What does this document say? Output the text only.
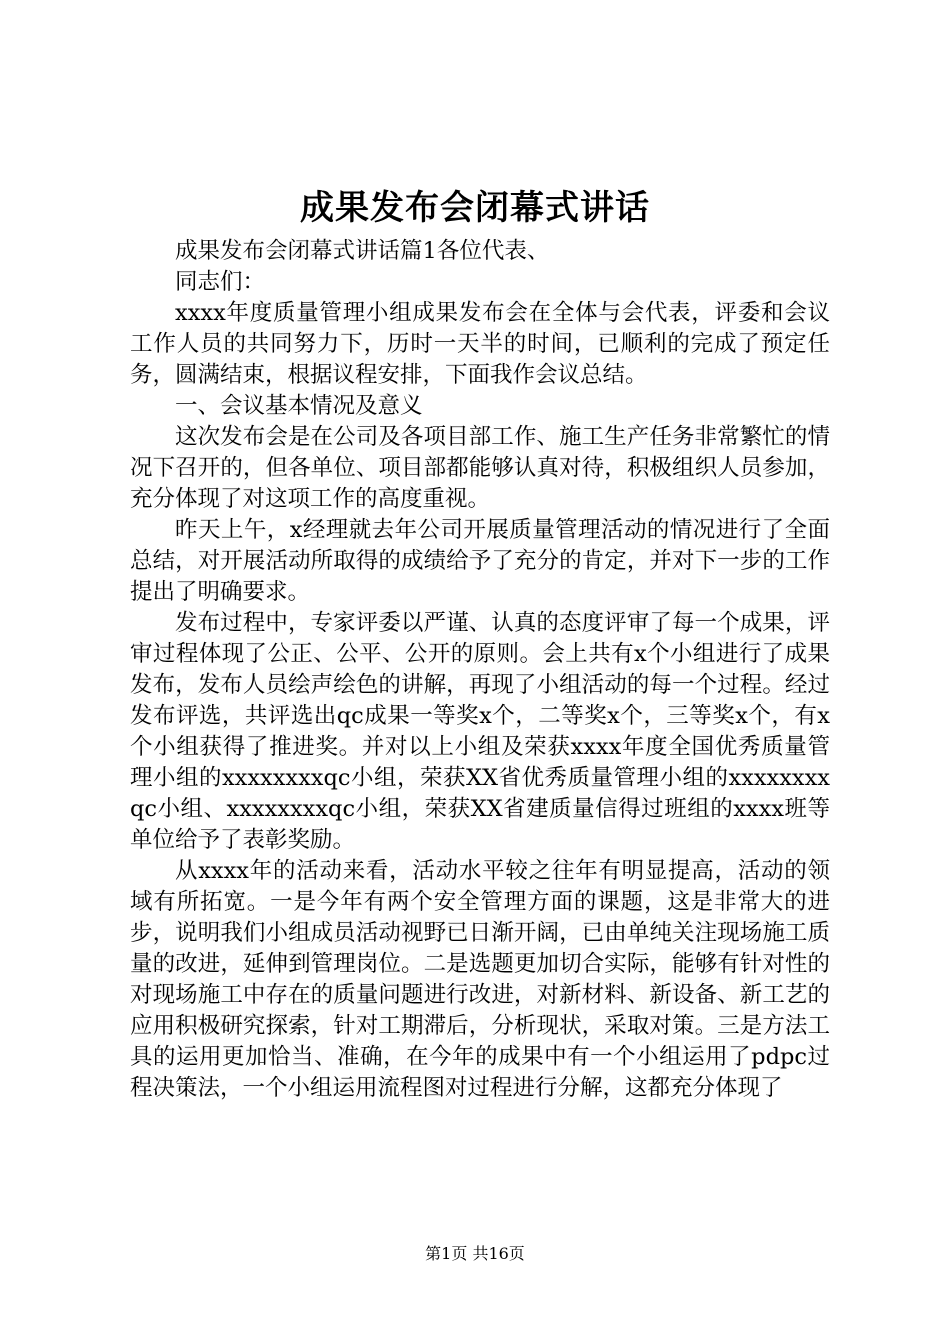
成果发布会闭幕式讲话

成果发布会闭幕式讲话篇1各位代表、

同志们：

xxxx年度质量管理小组成果发布会在全体与会代表，评委和会议工作人员的共同努力下，历时一天半的时间，已顺利的完成了预定任务，圆满结束，根据议程安排，下面我作会议总结。

一、会议基本情况及意义

这次发布会是在公司及各项目部工作、施工生产任务非常繁忙的情况下召开的，但各单位、项目部都能够认真对待，积极组织人员参加，充分体现了对这项工作的高度重视。

昨天上午，x经理就去年公司开展质量管理活动的情况进行了全面总结，对开展活动所取得的成绩给予了充分的肯定，并对下一步的工作提出了明确要求。

发布过程中，专家评委以严谨、认真的态度评审了每一个成果，评审过程体现了公正、公平、公开的原则。会上共有x个小组进行了成果发布，发布人员绘声绘色的讲解，再现了小组活动的每一个过程。经过发布评选，共评选出qc成果一等奖x个，二等奖x个，三等奖x个，有x个小组获得了推进奖。并对以上小组及荣获xxxx年度全国优秀质量管理小组的xxxxxxxxqc小组，荣获XX省优秀质量管理小组的xxxxxxxxqc小组、xxxxxxxxqc小组，荣获XX省建质量信得过班组的xxxx班等单位给予了表彰奖励。

从xxxx年的活动来看，活动水平较之往年有明显提高，活动的领域有所拓宽。一是今年有两个安全管理方面的课题，这是非常大的进步，说明我们小组成员活动视野已日渐开阔，已由单纯关注现场施工质量的改进，延伸到管理岗位。二是选题更加切合实际，能够有针对性的对现场施工中存在的质量问题进行改进，对新材料、新设备、新工艺的应用积极研究探索，针对工期滞后，分析现状，采取对策。三是方法工具的运用更加恰当、准确，在今年的成果中有一个小组运用了pdpc过程决策法，一个小组运用流程图对过程进行分解，这都充分体现了

第1页 共16页
